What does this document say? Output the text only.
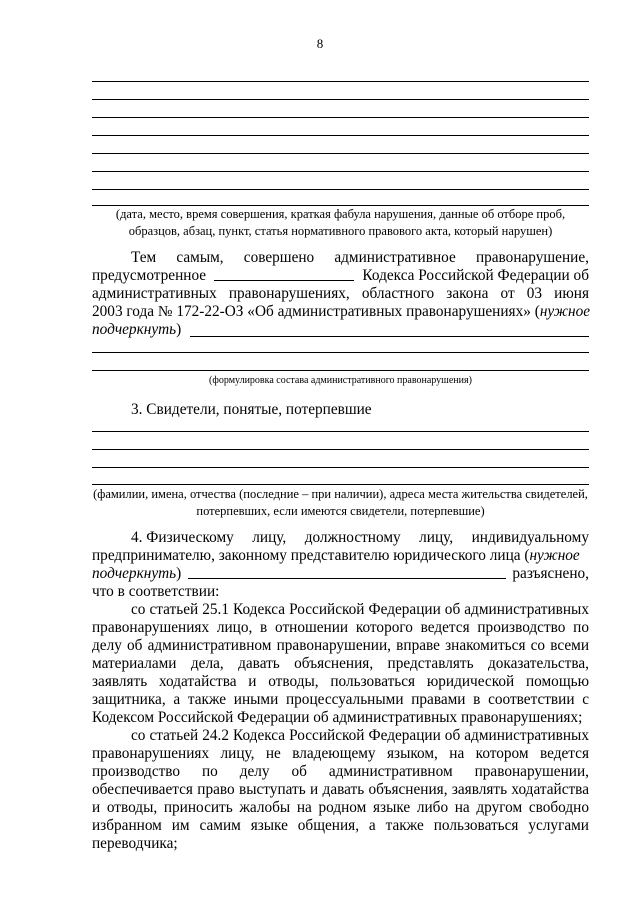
8
(дата, место, время совершения, краткая фабула нарушения, данные об отборе проб, образцов, абзац, пункт, статья нормативного правового акта, который нарушен)
Тем самым, совершено административное правонарушение,
предусмотренное	Кодекса Российской Федерации об
административных правонарушениях, областного закона от 03 июня
2003 года № 172-22-ОЗ «Об административных правонарушениях» (нужное
подчеркнуть)
(формулировка состава административного правонарушения)
3. Свидетели, понятые, потерпевшие
(фамилии, имена, отчества (последние – при наличии), адреса места жительства свидетелей, потерпевших, если имеются свидетели, потерпевшие)
4. Физическому лицу, должностному лицу, индивидуальному
предпринимателю, законному представителю юридического лица (нужное
подчеркнуть)	разъяснено,

что в соответствии:

со статьей 25.1 Кодекса Российской Федерации об административных правонарушениях лицо, в отношении которого ведется производство по делу об административном правонарушении, вправе знакомиться со всеми материалами дела, давать объяснения, представлять доказательства, заявлять ходатайства и отводы, пользоваться юридической помощью защитника, а также иными процессуальными правами в соответствии с Кодексом Российской Федерации об административных правонарушениях;

со статьей 24.2 Кодекса Российской Федерации об административных правонарушениях лицу, не владеющему языком, на котором ведется производство по делу об административном правонарушении, обеспечивается право выступать и давать объяснения, заявлять ходатайства и отводы, приносить жалобы на родном языке либо на другом свободно избранном им самим языке общения, а также пользоваться услугами переводчика;
